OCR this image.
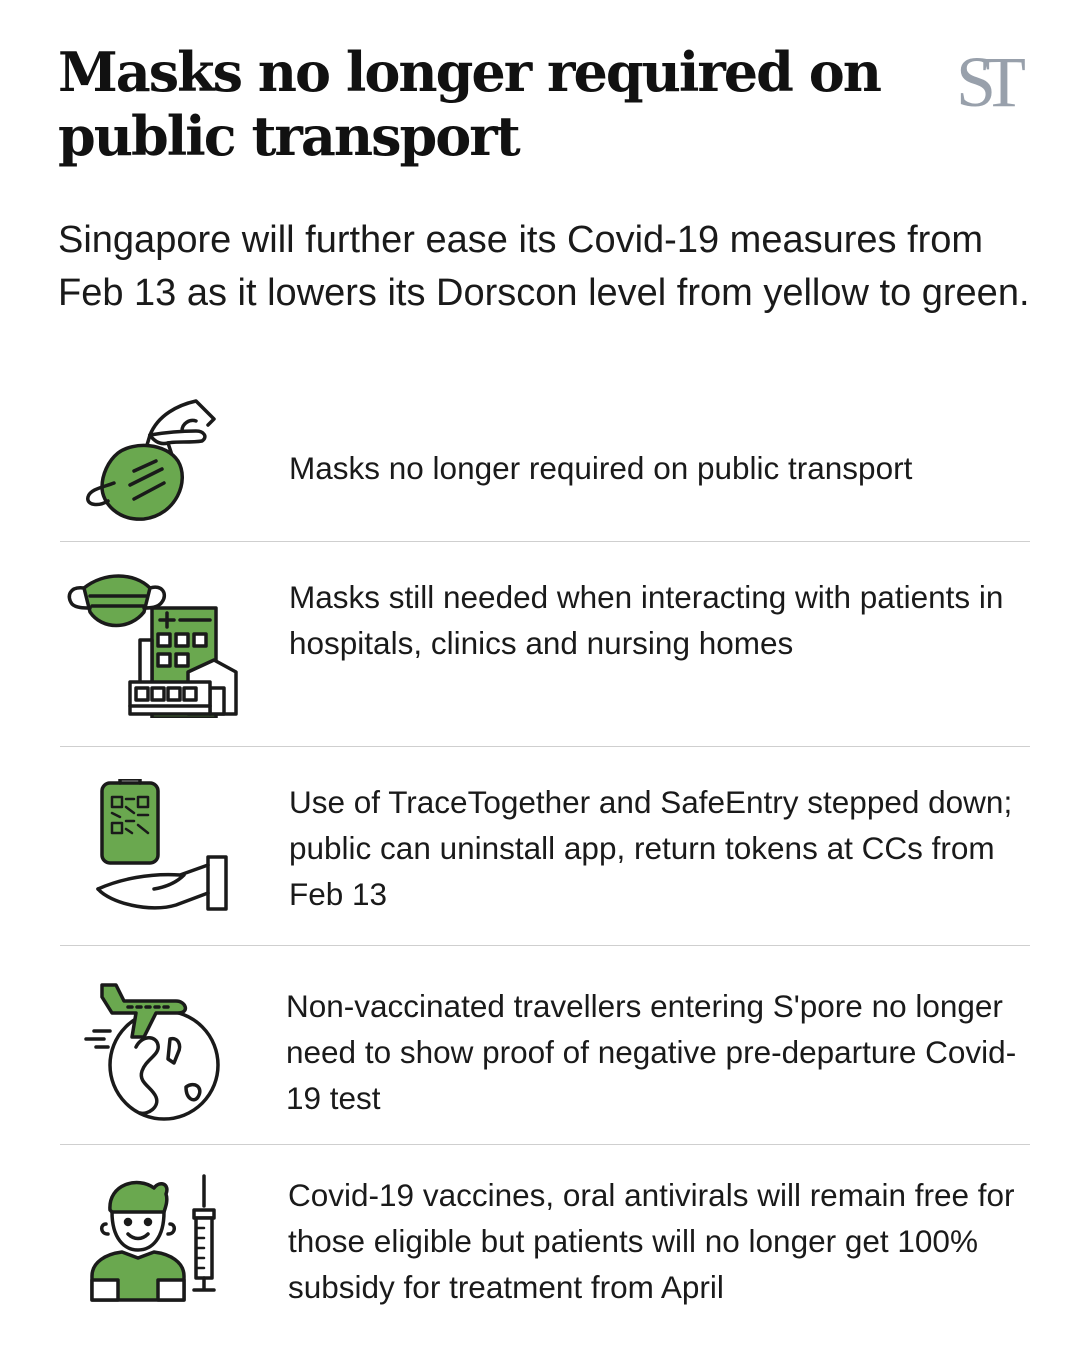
Masks no longer required on public transport
ST

Singapore will further ease its Covid-19 measures from Feb 13 as it lowers its Dorscon level from yellow to green.

Masks no longer required on public transport

Masks still needed when interacting with patients in hospitals, clinics and nursing homes

Use of TraceTogether and SafeEntry stepped down; public can uninstall app, return tokens at CCs from Feb 13

Non-vaccinated travellers entering S'pore no longer need to show proof of negative pre-departure Covid-19 test

Covid-19 vaccines, oral antivirals will remain free for those eligible but patients will no longer get 100% subsidy for treatment from April
